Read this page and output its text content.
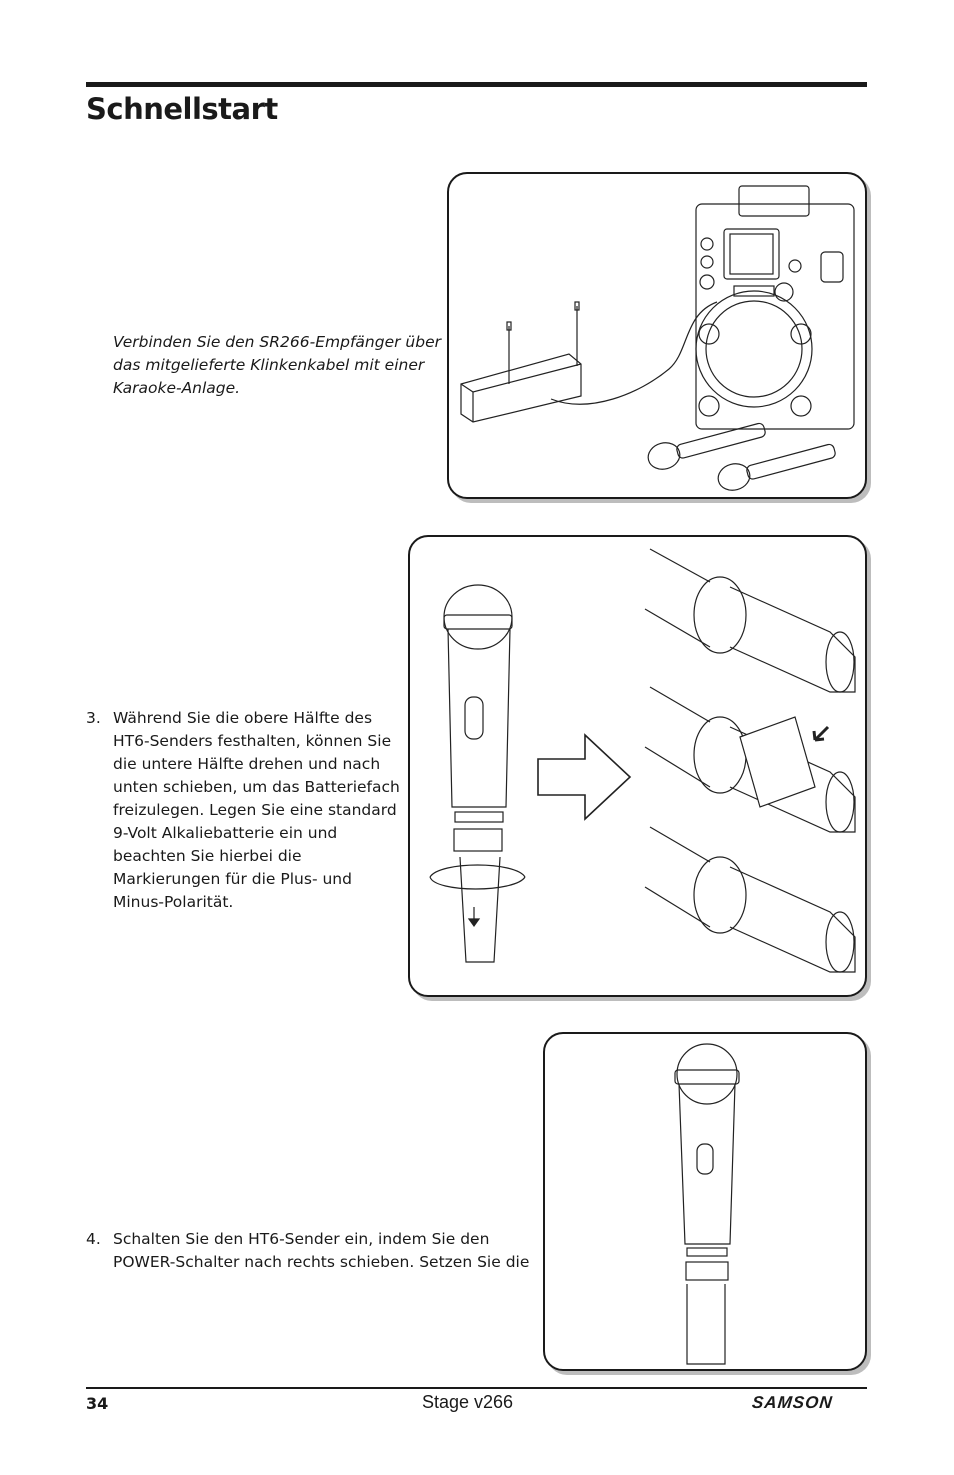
Schnellstart

Verbinden Sie den SR266-Empfänger über das mitgelieferte Klinkenkabel mit einer Karaoke-Anlage.

3. Während Sie die obere Hälfte des HT6-Senders festhalten, können Sie die untere Hälfte drehen und nach unten schieben, um das Batteriefach freizulegen. Legen Sie eine standard 9-Volt Alkaliebatterie ein und beachten Sie hierbei die Markierungen für die Plus- und Minus-Polarität.
4. Schalten Sie den HT6-Sender ein, indem Sie den POWER-Schalter nach rechts schieben. Setzen Sie die
34	Stage v266	SAMSON
